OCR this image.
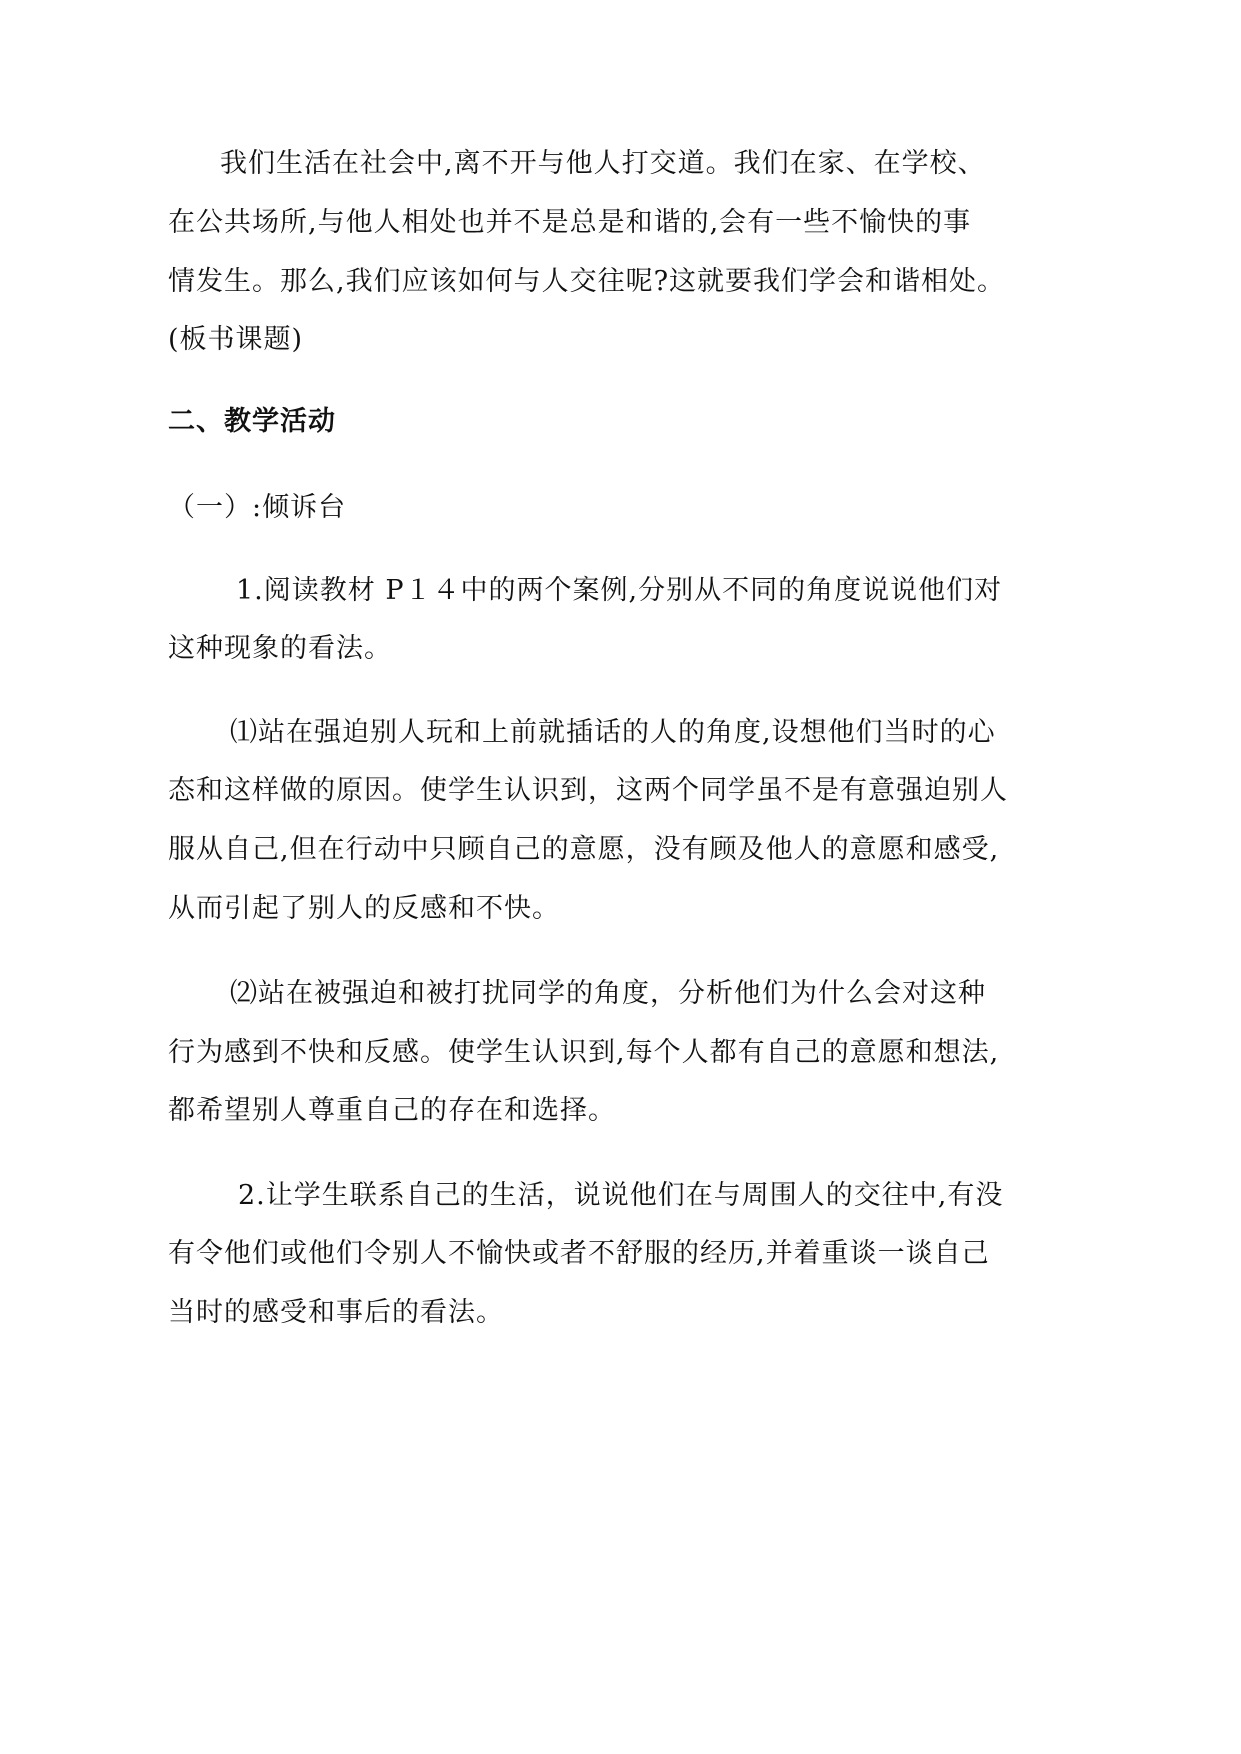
我们生活在社会中,离不开与他人打交道。我们在家、在学校、
在公共场所,与他人相处也并不是总是和谐的,会有一些不愉快的事
情发生。那么,我们应该如何与人交往呢?这就要我们学会和谐相处。
(板书课题)
二、教学活动
（一）:倾诉台
1.阅读教材 P１４中的两个案例,分别从不同的角度说说他们对
这种现象的看法。
⑴站在强迫别人玩和上前就插话的人的角度,设想他们当时的心
态和这样做的原因。使学生认识到，这两个同学虽不是有意强迫别人
服从自己,但在行动中只顾自己的意愿，没有顾及他人的意愿和感受,
从而引起了别人的反感和不快。
⑵站在被强迫和被打扰同学的角度，分析他们为什么会对这种
行为感到不快和反感。使学生认识到,每个人都有自己的意愿和想法,
都希望别人尊重自己的存在和选择。
2.让学生联系自己的生活，说说他们在与周围人的交往中,有没
有令他们或他们令别人不愉快或者不舒服的经历,并着重谈一谈自己
当时的感受和事后的看法。
